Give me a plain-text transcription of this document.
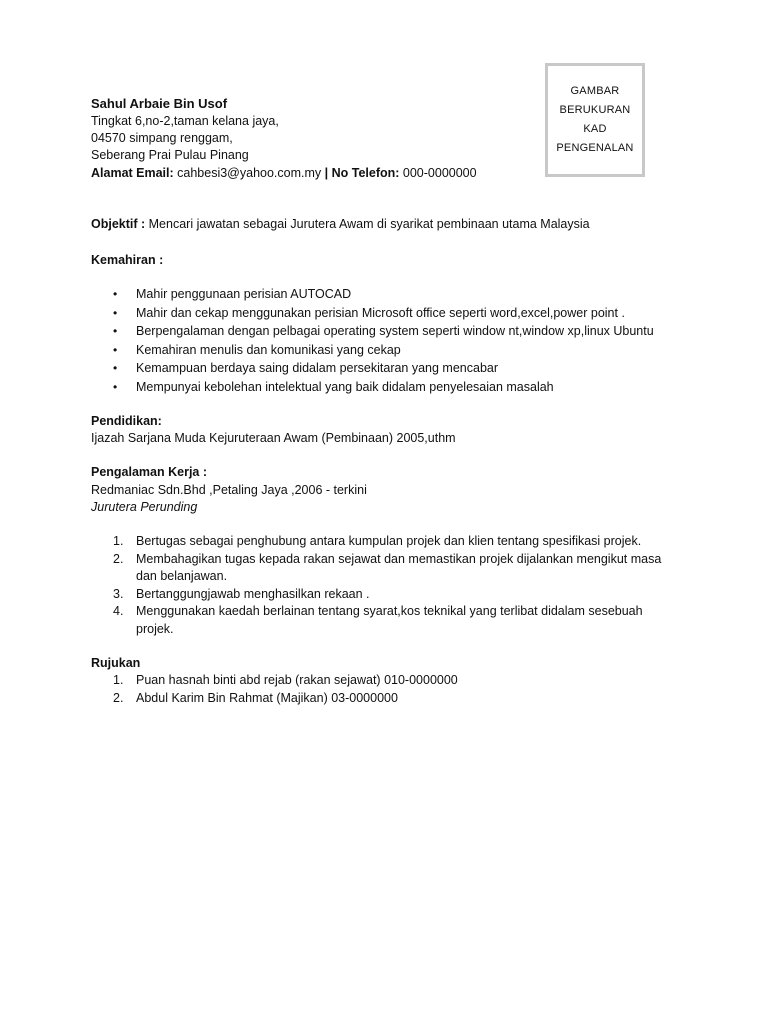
GAMBAR
BERUKURAN
KAD
PENGENALAN
Sahul Arbaie Bin Usof
Tingkat 6,no-2,taman kelana jaya,
04570 simpang renggam,
Seberang Prai Pulau Pinang
Alamat Email: cahbesi3@yahoo.com.my | No Telefon: 000-0000000
Objektif : Mencari jawatan sebagai Jurutera Awam di syarikat pembinaan utama Malaysia
Kemahiran :
• Mahir penggunaan perisian AUTOCAD
• Mahir dan cekap menggunakan perisian Microsoft office seperti word,excel,power point .
• Berpengalaman dengan pelbagai operating system seperti window nt,window xp,linux Ubuntu
• Kemahiran menulis dan komunikasi yang cekap
• Kemampuan berdaya saing didalam persekitaran yang mencabar
• Mempunyai kebolehan intelektual yang baik didalam penyelesaian masalah
Pendidikan:
Ijazah Sarjana Muda Kejuruteraan Awam (Pembinaan) 2005,uthm
Pengalaman Kerja :
Redmaniac Sdn.Bhd ,Petaling Jaya ,2006 - terkini
Jurutera Perunding
1. Bertugas sebagai penghubung antara kumpulan projek dan klien tentang spesifikasi projek.
2. Membahagikan tugas kepada rakan sejawat dan memastikan projek dijalankan mengikut masa
dan belanjawan.
3. Bertanggungjawab menghasilkan rekaan .
4. Menggunakan kaedah berlainan tentang syarat,kos teknikal yang terlibat didalam sesebuah
projek.
Rujukan
1. Puan hasnah binti abd rejab (rakan sejawat) 010-0000000
2. Abdul Karim Bin Rahmat (Majikan) 03-0000000
